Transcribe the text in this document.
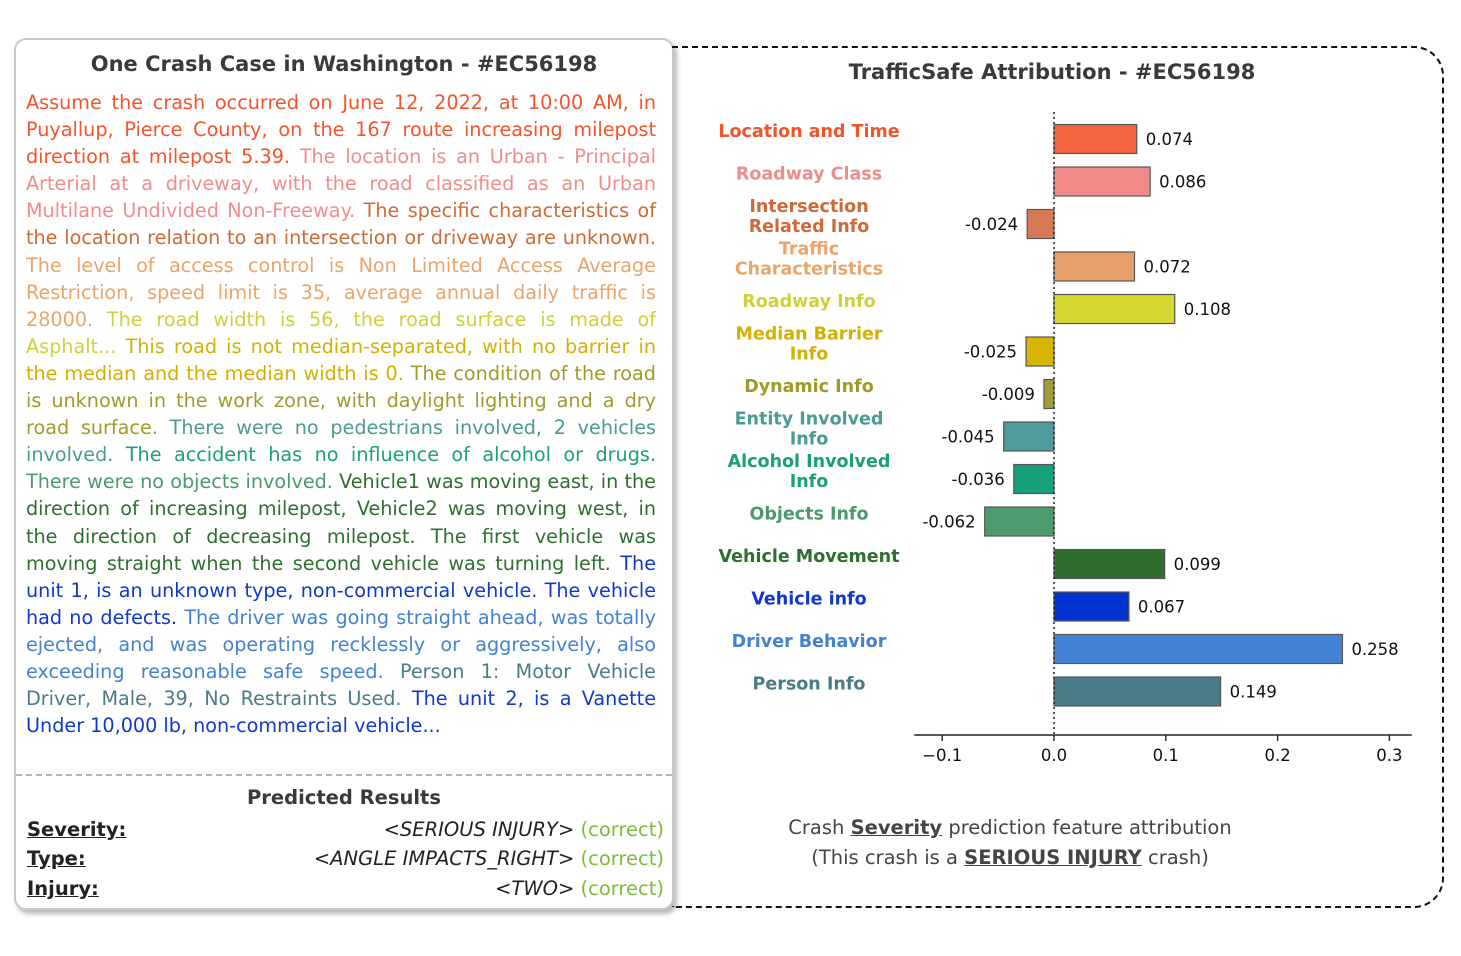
One Crash Case in Washington - #EC56198

Assume the crash occurred on June 12, 2022, at 10:00 AM, in Puyallup, Pierce County, on the 167 route increasing milepost direction at milepost 5.39. The location is an Urban - Principal Arterial at a driveway, with the road classified as an Urban Multilane Undivided Non-Freeway. The specific characteristics of the location relation to an intersection or driveway are unknown. The level of access control is Non Limited Access Average Restriction, speed limit is 35, average annual daily traffic is 28000. The road width is 56, the road surface is made of Asphalt... This road is not median-separated, with no barrier in the median and the median width is 0. The condition of the road is unknown in the work zone, with daylight lighting and a dry road surface. There were no pedestrians involved, 2 vehicles involved. The accident has no influence of alcohol or drugs. There were no objects involved. Vehicle1 was moving east, in the direction of increasing milepost, Vehicle2 was moving west, in the direction of decreasing milepost. The first vehicle was moving straight when the second vehicle was turning left. The unit 1, is an unknown type, non-commercial vehicle. The vehicle had no defects. The driver was going straight ahead, was totally ejected, and was operating recklessly or aggressively, also exceeding reasonable safe speed. Person 1: Motor Vehicle Driver, Male, 39, No Restraints Used. The unit 2, is a Vanette Under 10,000 lb, non-commercial vehicle...

Predicted Results
Severity:	<SERIOUS INJURY> (correct)
Type:	<ANGLE IMPACTS_RIGHT> (correct)
Injury:	<TWO> (correct)
TrafficSafe Attribution - #EC56198
0.074
Location and Time
0.086
Roadway Class
-0.024
Intersection
Related Info
0.072
Traffic
Characteristics
0.108
Roadway Info
-0.025
Median Barrier
Info
-0.009
Dynamic Info
-0.045
Entity Involved
Info
-0.036
Alcohol Involved
Info
-0.062
Objects Info
0.099
Vehicle Movement
0.067
Vehicle info
0.258
Driver Behavior
0.149
Person Info
−0.1	0.0	0.1	0.2	0.3
Crash Severity prediction feature attribution
(This crash is a SERIOUS INJURY crash)
